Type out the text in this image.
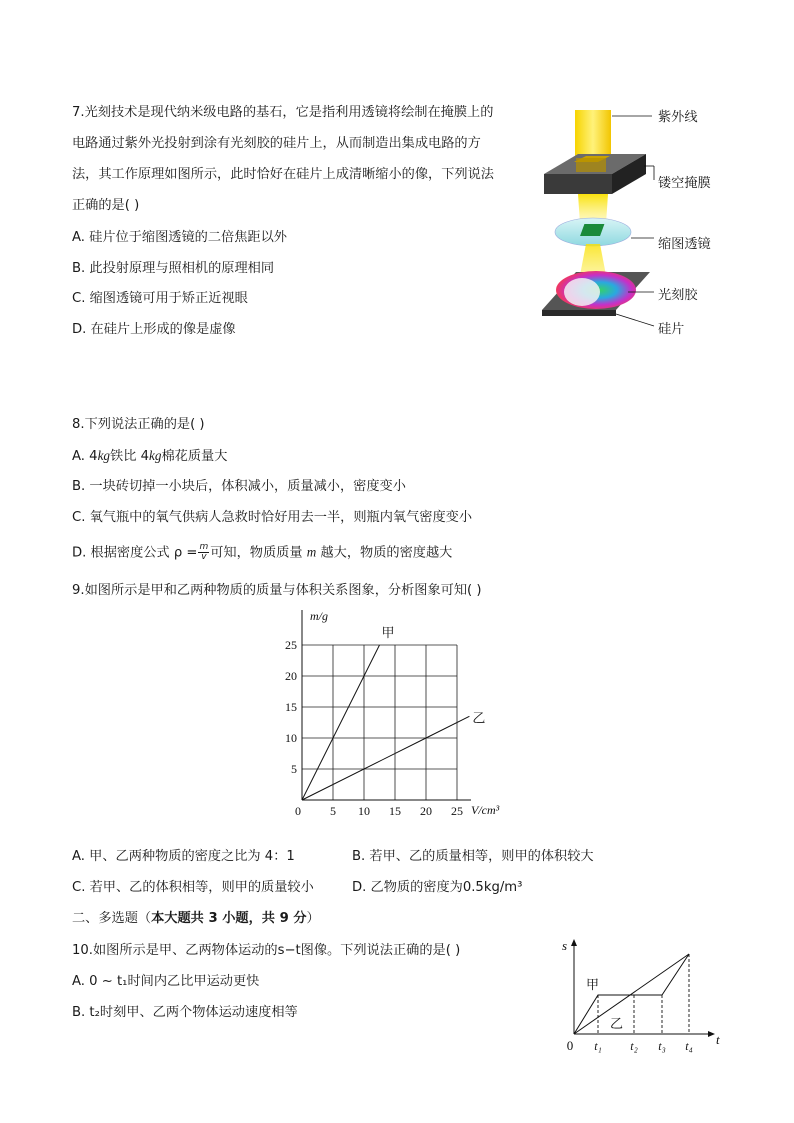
7.光刻技术是现代纳米级电路的基石，它是指利用透镜将绘制在掩膜上的
电路通过紫外光投射到涂有光刻胶的硅片上，从而制造出集成电路的方
法，其工作原理如图所示，此时恰好在硅片上成清晰缩小的像，下列说法
正确的是( )
A. 硅片位于缩图透镜的二倍焦距以外
B. 此投射原理与照相机的原理相同
C. 缩图透镜可用于矫正近视眼
D. 在硅片上形成的像是虚像
紫外线
镂空掩膜
缩图透镜
光刻胶
硅片
8.下列说法正确的是( )
A. 4kg铁比 4kg棉花质量大
B. 一块砖切掉一小块后，体积减小，质量减小，密度变小
C. 氧气瓶中的氧气供病人急救时恰好用去一半，则瓶内氧气密度变小
D. 根据密度公式 $\rho = \frac{m}{v}$ 可知，物质质量 m 越大，物质的密度越大
9.如图所示是甲和乙两种物质的质量与体积关系图象，分析图象可知( )
0 5 10 15 20 25
5
10
15
20
25
m/g
V/cm³
甲
乙
A. 甲、乙两种物质的密度之比为 4：1	B. 若甲、乙的质量相等，则甲的体积较大
C. 若甲、乙的体积相等，则甲的质量较小	D. 乙物质的密度为0.5kg/m³
二、多选题（本大题共 3 小题，共 9 分）
10.如图所示是甲、乙两物体运动的s−t图像。下列说法正确的是( )
A. 0 ~ t₁时间内乙比甲运动更快
B. t₂时刻甲、乙两个物体运动速度相等
s
t
0
甲
乙
t₁ t₂ t₃ t₄
